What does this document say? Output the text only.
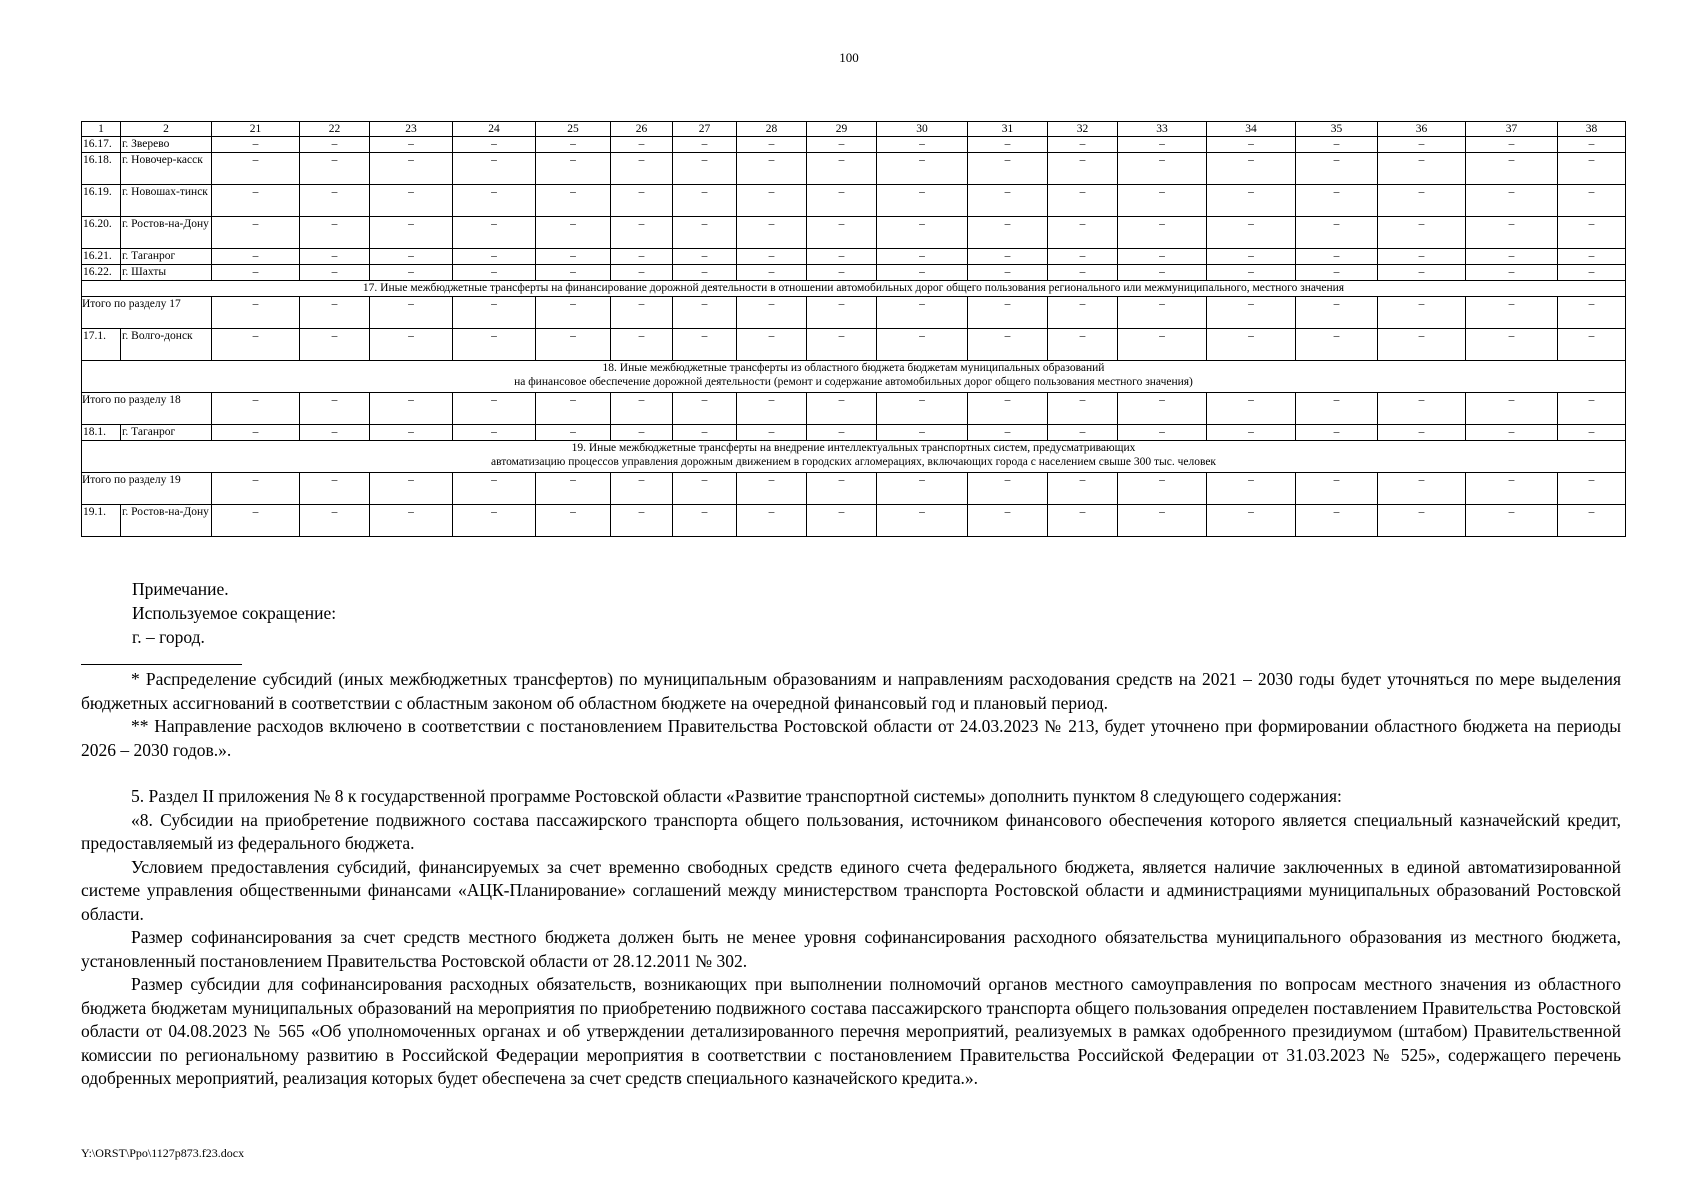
100
1	2	21	22	23	24	25	26	27	28	29	30	31	32	33	34	35	36	37	38
16.17.	г. Зверево	–	–	–	–	–	–	–	–	–	–	–	–	–	–	–	–	–	–
16.18.	г. Новочер-касск	–	–	–	–	–	–	–	–	–	–	–	–	–	–	–	–	–	–
16.19.	г. Новошах-тинск	–	–	–	–	–	–	–	–	–	–	–	–	–	–	–	–	–	–
16.20.	г. Ростов-на-Дону	–	–	–	–	–	–	–	–	–	–	–	–	–	–	–	–	–	–
16.21.	г. Таганрог	–	–	–	–	–	–	–	–	–	–	–	–	–	–	–	–	–	–
16.22.	г. Шахты	–	–	–	–	–	–	–	–	–	–	–	–	–	–	–	–	–	–
17. Иные межбюджетные трансферты на финансирование дорожной деятельности в отношении автомобильных дорог общего пользования регионального или межмуниципального, местного значения																			
Итого по разделу 17		–	–	–	–	–	–	–	–	–	–	–	–	–	–	–	–	–	–
17.1.	г. Волго-донск	–	–	–	–	–	–	–	–	–	–	–	–	–	–	–	–	–	–

18. Иные межбюджетные трансферты из областного бюджета бюджетам муниципальных образований
на финансовое обеспечение дорожной деятельности (ремонт и содержание автомобильных дорог общего пользования местного значения)																			

Итого по разделу 18		–	–	–	–	–	–	–	–	–	–	–	–	–	–	–	–	–	–
18.1.	г. Таганрог	–	–	–	–	–	–	–	–	–	–	–	–	–	–	–	–	–	–

19. Иные межбюджетные трансферты на внедрение интеллектуальных транспортных систем, предусматривающих
автоматизацию процессов управления дорожным движением в городских агломерациях, включающих города с населением свыше 300 тыс. человек																			

Итого по разделу 19		–	–	–	–	–	–	–	–	–	–	–	–	–	–	–	–	–	–
19.1.	г. Ростов-на-Дону	–	–	–	–	–	–	–	–	–	–	–	–	–	–	–	–	–	–
Примечание.
Используемое сокращение:
г. – город.

* Распределение субсидий (иных межбюджетных трансфертов) по муниципальным образованиям и направлениям расходования средств на 2021 – 2030 годы будет уточняться по мере выделения бюджетных ассигнований в соответствии с областным законом об областном бюджете на очередной финансовый год и плановый период.

** Направление расходов включено в соответствии с постановлением Правительства Ростовской области от 24.03.2023 № 213, будет уточнено при формировании областного бюджета на периоды 2026 – 2030 годов.».

5. Раздел II приложения № 8 к государственной программе Ростовской области «Развитие транспортной системы» дополнить пунктом 8 следующего содержания:

«8. Субсидии на приобретение подвижного состава пассажирского транспорта общего пользования, источником финансового обеспечения которого является специальный казначейский кредит, предоставляемый из федерального бюджета.

Условием предоставления субсидий, финансируемых за счет временно свободных средств единого счета федерального бюджета, является наличие заключенных в единой автоматизированной системе управления общественными финансами «АЦК-Планирование» соглашений между министерством транспорта Ростовской области и администрациями муниципальных образований Ростовской области.

Размер софинансирования за счет средств местного бюджета должен быть не менее уровня софинансирования расходного обязательства муниципального образования из местного бюджета, установленный постановлением Правительства Ростовской области от 28.12.2011 № 302.

Размер субсидии для софинансирования расходных обязательств, возникающих при выполнении полномочий органов местного самоуправления по вопросам местного значения из областного бюджета бюджетам муниципальных образований на мероприятия по приобретению подвижного состава пассажирского транспорта общего пользования определен поставлением Правительства Ростовской области от 04.08.2023 № 565 «Об уполномоченных органах и об утверждении детализированного перечня мероприятий, реализуемых в рамках одобренного президиумом (штабом) Правительственной комиссии по региональному развитию в Российской Федерации мероприятия в соответствии с постановлением Правительства Российской Федерации от 31.03.2023 № 525», содержащего перечень одобренных мероприятий, реализация которых будет обеспечена за счет средств специального казначейского кредита.».

Y:\ORST\Ppo\1127p873.f23.docx
